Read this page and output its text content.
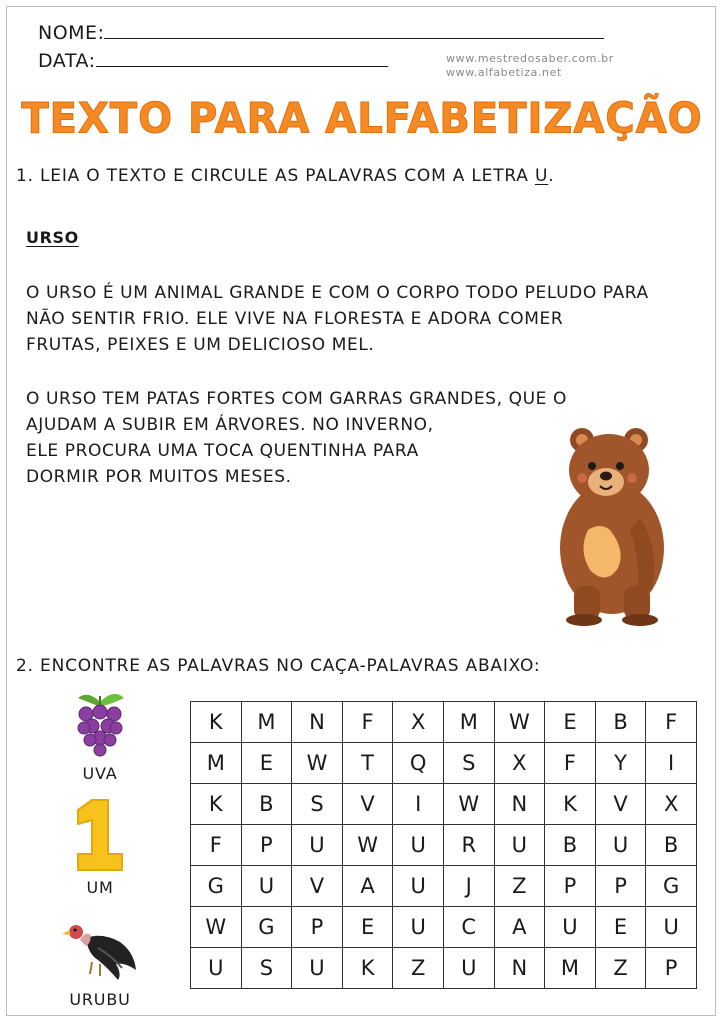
NOME:
DATA:	www.mestredosaber.com.br
www.alfabetiza.net
TEXTO PARA ALFABETIZAÇÃO
1. LEIA O TEXTO E CIRCULE AS PALAVRAS COM A LETRA U.
URSO
O URSO É UM ANIMAL GRANDE E COM O CORPO TODO PELUDO PARA
NÃO SENTIR FRIO. ELE VIVE NA FLORESTA E ADORA COMER
FRUTAS, PEIXES E UM DELICIOSO MEL.
O URSO TEM PATAS FORTES COM GARRAS GRANDES, QUE O
AJUDAM A SUBIR EM ÁRVORES. NO INVERNO,
ELE PROCURA UMA TOCA QUENTINHA PARA
DORMIR POR MUITOS MESES.
2. ENCONTRE AS PALAVRAS NO CAÇA-PALAVRAS ABAIXO:
UVA
UM
URUBU
K	M	N	F	X	M	W	E	B	F
M	E	W	T	Q	S	X	F	Y	I
K	B	S	V	I	W	N	K	V	X
F	P	U	W	U	R	U	B	U	B
G	U	V	A	U	J	Z	P	P	G
W	G	P	E	U	C	A	U	E	U
U	S	U	K	Z	U	N	M	Z	P
